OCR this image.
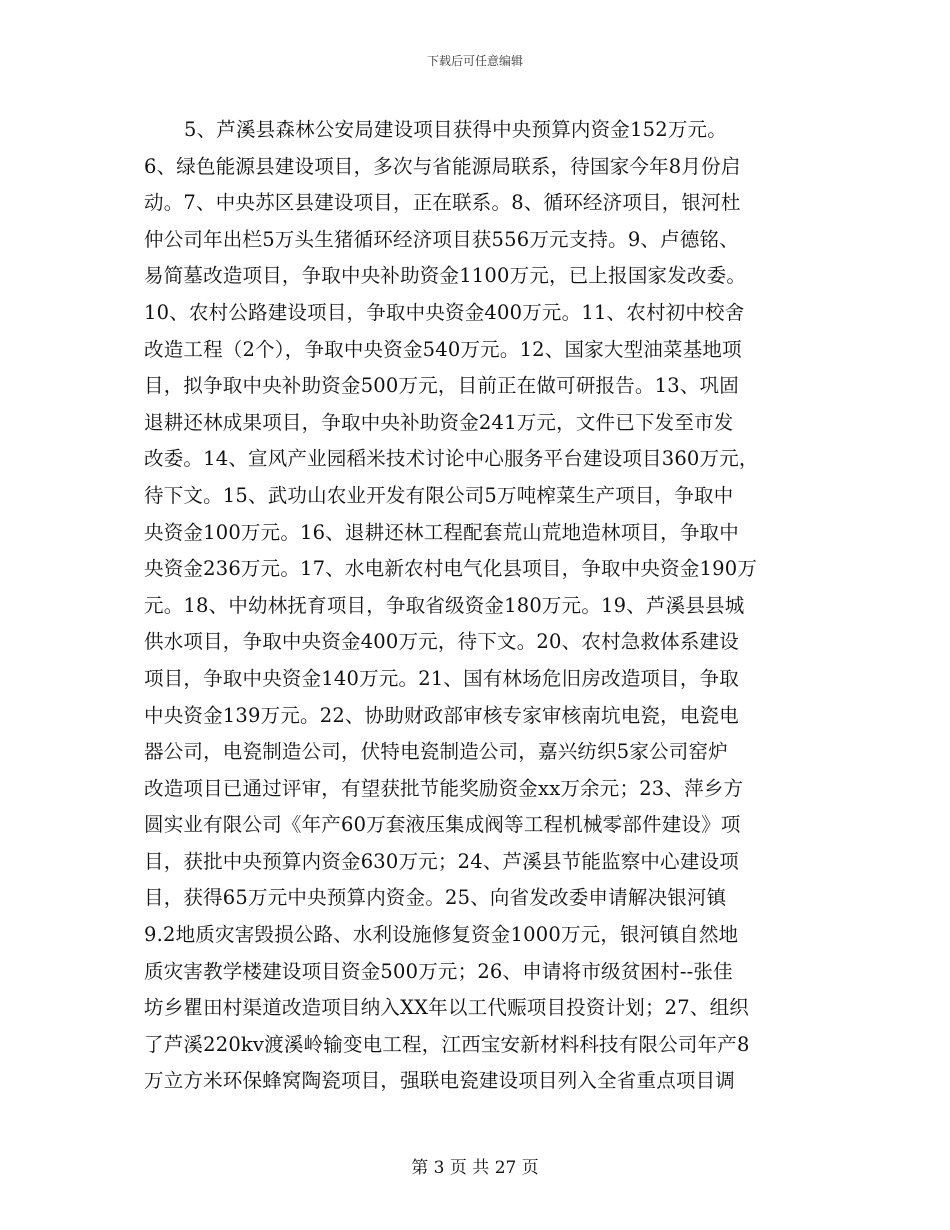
下载后可任意编辑
5、芦溪县森林公安局建设项目获得中央预算内资金152万元。
6、绿色能源县建设项目，多次与省能源局联系，待国家今年8月份启
动。7、中央苏区县建设项目，正在联系。8、循环经济项目，银河杜
仲公司年出栏5万头生猪循环经济项目获556万元支持。9、卢德铭、
易简墓改造项目，争取中央补助资金1100万元，已上报国家发改委。
10、农村公路建设项目，争取中央资金400万元。11、农村初中校舍
改造工程（2个），争取中央资金540万元。12、国家大型油菜基地项
目，拟争取中央补助资金500万元，目前正在做可研报告。13、巩固
退耕还林成果项目，争取中央补助资金241万元，文件已下发至市发
改委。14、宣风产业园稻米技术讨论中心服务平台建设项目360万元，
待下文。15、武功山农业开发有限公司5万吨榨菜生产项目，争取中
央资金100万元。16、退耕还林工程配套荒山荒地造林项目，争取中
央资金236万元。17、水电新农村电气化县项目，争取中央资金190万
元。18、中幼林抚育项目，争取省级资金180万元。19、芦溪县县城
供水项目，争取中央资金400万元，待下文。20、农村急救体系建设
项目，争取中央资金140万元。21、国有林场危旧房改造项目，争取
中央资金139万元。22、协助财政部审核专家审核南坑电瓷，电瓷电
器公司，电瓷制造公司，伏特电瓷制造公司，嘉兴纺织5家公司窑炉
改造项目已通过评审，有望获批节能奖励资金xx万余元；23、萍乡方
圆实业有限公司《年产60万套液压集成阀等工程机械零部件建设》项
目，获批中央预算内资金630万元；24、芦溪县节能监察中心建设项
目，获得65万元中央预算内资金。25、向省发改委申请解决银河镇
9.2地质灾害毁损公路、水利设施修复资金1000万元，银河镇自然地
质灾害教学楼建设项目资金500万元；26、申请将市级贫困村--张佳
坊乡瞿田村渠道改造项目纳入XX年以工代赈项目投资计划；27、组织
了芦溪220kv渡溪岭输变电工程，江西宝安新材料科技有限公司年产8
万立方米环保蜂窝陶瓷项目，强联电瓷建设项目列入全省重点项目调
第 3 页 共 27 页
